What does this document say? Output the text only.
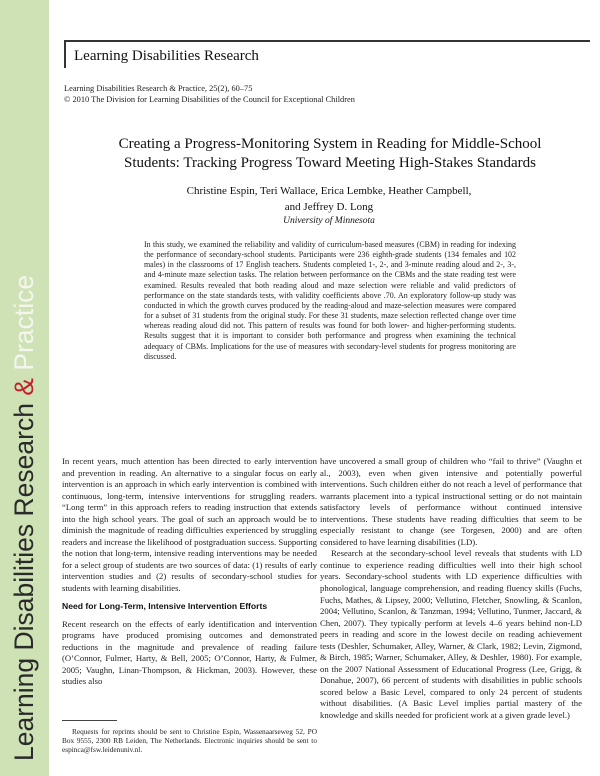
Learning Disabilities Research & Practice
Learning Disabilities Research
Learning Disabilities Research & Practice, 25(2), 60–75
© 2010 The Division for Learning Disabilities of the Council for Exceptional Children
Creating a Progress-Monitoring System in Reading for Middle-School
Students: Tracking Progress Toward Meeting High-Stakes Standards
Christine Espin, Teri Wallace, Erica Lembke, Heather Campbell,
and Jeffrey D. Long
University of Minnesota
In this study, we examined the reliability and validity of curriculum-based measures (CBM) in reading for indexing the performance of secondary-school students. Participants were 236 eighth-grade students (134 females and 102 males) in the classrooms of 17 English teachers. Students completed 1-, 2-, and 3-minute reading aloud and 2-, 3-, and 4-minute maze selection tasks. The relation between performance on the CBMs and the state reading test were examined. Results revealed that both reading aloud and maze selection were reliable and valid predictors of performance on the state standards tests, with validity coefficients above .70. An exploratory follow-up study was conducted in which the growth curves produced by the reading-aloud and maze-selection measures were compared for a subset of 31 students from the original study. For these 31 students, maze selection reflected change over time whereas reading aloud did not. This pattern of results was found for both lower- and higher-performing students. Results suggest that it is important to consider both performance and progress when examining the technical adequacy of CBMs. Implications for the use of measures with secondary-level students for progress monitoring are discussed.

In recent years, much attention has been directed to early intervention and prevention in reading. An alternative to a singular focus on early intervention is an approach in which early intervention is combined with continuous, long-term, intensive interventions for struggling readers. “Long term” in this approach refers to reading instruction that extends into the high school years. The goal of such an approach would be to diminish the magnitude of reading difficulties experienced by struggling readers and increase the likelihood of postgraduation success. Supporting the notion that long-term, intensive reading interventions may be needed for a select group of students are two sources of data: (1) results of early intervention studies and (2) results of secondary-school studies for students with learning disabilities.

Need for Long-Term, Intensive Intervention Efforts

Recent research on the effects of early identification and intervention programs have produced promising outcomes and demonstrated reductions in the magnitude and prevalence of reading failure (O’Connor, Fulmer, Harty, & Bell, 2005; O’Connor, Harty, & Fulmer, 2005; Vaughn, Linan-Thompson, & Hickman, 2003). However, these studies also

have uncovered a small group of children who “fail to thrive” (Vaughn et al., 2003), even when given intensive and potentially powerful interventions. Such children either do not reach a level of performance that warrants placement into a typical instructional setting or do not maintain satisfactory levels of performance without continued intensive interventions. These students have reading difficulties that seem to be especially resistant to change (see Torgesen, 2000) and are often considered to have learning disabilities (LD).

Research at the secondary-school level reveals that students with LD continue to experience reading difficulties well into their high school years. Secondary-school students with LD experience difficulties with phonological, language comprehension, and reading fluency skills (Fuchs, Fuchs, Mathes, & Lipsey, 2000; Vellutino, Fletcher, Snowling, & Scanlon, 2004; Vellutino, Scanlon, & Tanzman, 1994; Vellutino, Tunmer, Jaccard, & Chen, 2007). They typically perform at levels 4–6 years behind non-LD peers in reading and score in the lowest decile on reading achievement tests (Deshler, Schumaker, Alley, Warner, & Clark, 1982; Levin, Zigmond, & Birch, 1985; Warner, Schumaker, Alley, & Deshler, 1980). For example, on the 2007 National Assessment of Educational Progress (Lee, Grigg, & Donahue, 2007), 66 percent of students with disabilities in public schools scored below a Basic Level, compared to only 24 percent of students without disabilities. (A Basic Level implies partial mastery of the knowledge and skills needed for proficient work at a given grade level.)

Requests for reprints should be sent to Christine Espin, Wassenaarseweg 52, PO Box 9555, 2300 RB Leiden, The Netherlands. Electronic inquiries should be sent to espinca@fsw.leidenuniv.nl.
